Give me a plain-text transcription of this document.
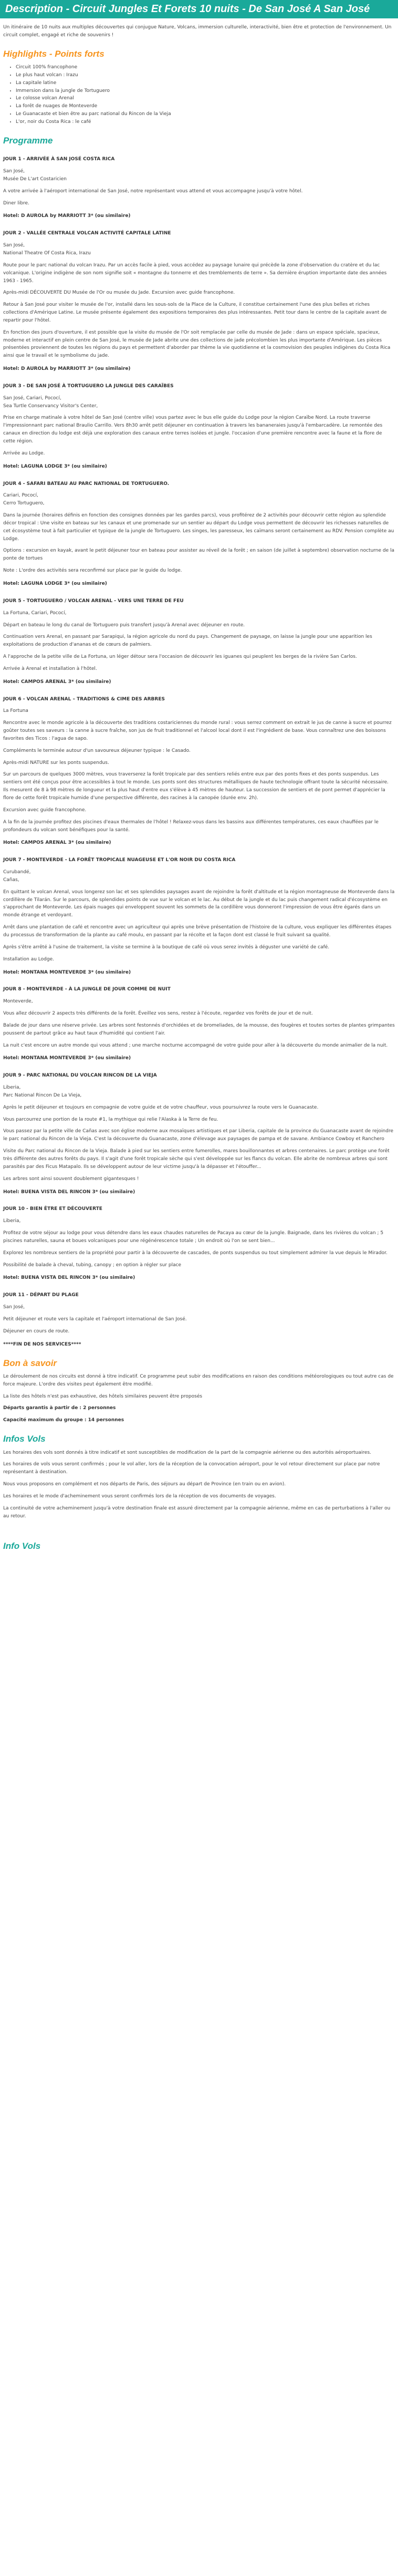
Description - Circuit Jungles Et Forets 10 nuits - De San José A San José

Un itinéraire de 10 nuits aux multiples découvertes qui conjugue Nature, Volcans, immersion culturelle, interactivité, bien être et protection de l'environnement. Un circuit complet, engagé et riche de souvenirs !

Highlights - Points forts
• Circuit 100% francophone
• Le plus haut volcan : Irazu
• La capitale latine
• Immersion dans la jungle de Tortuguero
• Le colosse volcan Arenal
• La forêt de nuages de Monteverde
• Le Guanacaste et bien être au parc national du Rincon de la Vieja
• L'or, noir du Costa Rica : le café
Programme

JOUR 1 - ARRIVÉE À SAN JOSÉ COSTA RICA

San José,
Musée De L'art Costaricien

A votre arrivée à l'aéroport international de San José, notre représentant vous attend et vous accompagne jusqu'à votre hôtel.

Diner libre.

Hotel: D AUROLA by MARRIOTT 3* (ou similaire)

JOUR 2 - VALLÉE CENTRALE VOLCAN ACTIVITÉ CAPITALE LATINE

San José,
National Theatre Of Costa Rica, Irazu

Route pour le parc national du volcan Irazu. Par un accès facile à pied, vous accédez au paysage lunaire qui précède la zone d'observation du cratère et du lac volcanique. L'origine indigène de son nom signifie soit « montagne du tonnerre et des tremblements de terre ». Sa dernière éruption importante date des années 1963 - 1965.

Après-midi DÉCOUVERTE DU Musée de l'Or ou musée du Jade. Excursion avec guide francophone.

Retour à San José pour visiter le musée de l'or, installé dans les sous-sols de la Place de la Culture, il constitue certainement l'une des plus belles et riches collections d'Amérique Latine. Le musée présente également des expositions temporaires des plus intéressantes. Petit tour dans le centre de la capitale avant de repartir pour l'hôtel.

En fonction des jours d'ouverture, il est possible que la visite du musée de l'Or soit remplacée par celle du musée de Jade : dans un espace spéciale, spacieux, moderne et interactif en plein centre de San José, le musée de Jade abrite une des collections de jade précolombien les plus importante d'Amérique. Les pièces présentées proviennent de toutes les régions du pays et permettent d'aborder par thème la vie quotidienne et la cosmovision des peuples indigènes du Costa Rica ainsi que le travail et le symbolisme du jade.

Hotel: D AUROLA by MARRIOTT 3* (ou similaire)

JOUR 3 - DE SAN JOSÉ À TORTUGUERO LA JUNGLE DES CARAÏBES

San José, Cariari, Pococí,
Sea Turtle Conservancy Visitor's Center,

Prise en charge matinale à votre hôtel de San José (centre ville) vous partez avec le bus elle guide du Lodge pour la région Caraïbe Nord. La route traverse l'impressionnant parc national Braulio Carrillo. Vers 8h30 arrêt petit déjeuner en continuation à travers les bananeraies jusqu'à l'embarcadère. Le remontée des canaux en direction du lodge est déjà une exploration des canaux entre terres isolées et jungle. l'occasion d'une première rencontre avec la faune et la flore de cette région.

Arrivée au Lodge.

Hotel: LAGUNA LODGE 3* (ou similaire)

JOUR 4 - SAFARI BATEAU AU PARC NATIONAL DE TORTUGUERO.

Cariari, Pococí,
Cerro Tortuguero,

Dans la journée (horaires définis en fonction des consignes données par les gardes parcs), vous profitérez de 2 activités pour découvrir cette région au splendide décor tropical : Une visite en bateau sur les canaux et une promenade sur un sentier au départ du Lodge vous permettent de découvrir les richesses naturelles de cet écosystème tout à fait particulier et typique de la jungle de Tortuguero. Les singes, les paresseux, les caïmans seront certainement au RDV. Pension complète au Lodge.

Options : excursion en kayak, avant le petit déjeuner tour en bateau pour assister au réveil de la forêt ; en saison (de juillet à septembre) observation nocturne de la ponte de tortues

Note : L'ordre des activités sera reconfirmé sur place par le guide du lodge.

Hotel: LAGUNA LODGE 3* (ou similaire)

JOUR 5 - TORTUGUERO / VOLCAN ARENAL - VERS UNE TERRE DE FEU

La Fortuna, Cariari, Pococí,

Départ en bateau le long du canal de Tortuguero puis transfert jusqu'à Arenal avec déjeuner en route.

Continuation vers Arenal, en passant par Sarapiqui, la région agricole du nord du pays. Changement de paysage, on laisse la jungle pour une apparition les exploitations de production d'ananas et de cœurs de palmiers.

A l'approche de la petite ville de La Fortuna, un léger détour sera l'occasion de découvrir les iguanes qui peuplent les berges de la rivière San Carlos.

Arrivée à Arenal et installation à l'hôtel.

Hotel: CAMPOS ARENAL 3* (ou similaire)

JOUR 6 - VOLCAN ARENAL – TRADITIONS & CIME DES ARBRES

La Fortuna

Rencontre avec le monde agricole à la découverte des traditions costariciennes du monde rural : vous serrez comment on extrait le jus de canne à sucre et pourrez goûter toutes ses saveurs : la canne à sucre fraîche, son jus de fruit traditionnel et l'alcool local dont il est l'ingrédient de base. Vous connaîtrez une des boissons favorites des Ticos : l'agua de sapo.

Compléments le terminée autour d'un savoureux déjeuner typique : le Casado.

Après-midi NATURE sur les ponts suspendus.

Sur un parcours de quelques 3000 mètres, vous traverserez la forêt tropicale par des sentiers reliés entre eux par des ponts fixes et des ponts suspendus. Les sentiers ont été conçus pour être accessibles à tout le monde. Les ponts sont des structures métalliques de haute technologie offrant toute la sécurité nécessaire. Ils mesurent de 8 à 98 mètres de longueur et la plus haut d'entre eux s'élève à 45 mètres de hauteur. La succession de sentiers et de pont permet d'apprécier la flore de cette forêt tropicale humide d'une perspective différente, des racines à la canopée (durée env. 2h).

Excursion avec guide francophone.

A la fin de la journée profitez des piscines d'eaux thermales de l'hôtel ! Relaxez-vous dans les bassins aux différentes températures, ces eaux chauffées par le profondeurs du volcan sont bénéfiques pour la santé.

Hotel: CAMPOS ARENAL 3* (ou similaire)

JOUR 7 - MONTEVERDE - LA FORÊT TROPICALE NUAGEUSE ET L'OR NOIR DU COSTA RICA

Curubandé,
Cañas,

En quittant le volcan Arenal, vous longerez son lac et ses splendides paysages avant de rejoindre la forêt d'altitude et la région montagneuse de Monteverde dans la cordillère de Tilarán. Sur le parcours, de splendides points de vue sur le volcan et le lac. Au début de la jungle et du lac puis changement radical d'écosystème en s'approchant de Monteverde. Les épais nuages qui enveloppent souvent les sommets de la cordillère vous donneront l'impression de vous être égarés dans un monde étrange et verdoyant.

Arrêt dans une plantation de café et rencontre avec un agriculteur qui après une brève présentation de l'histoire de la culture, vous expliquer les différentes étapes du processus de transformation de la plante au café moulu, en passant par la récolte et la façon dont est classé le fruit suivant sa qualité.

Après s'être arrêté à l'usine de traitement, la visite se termine à la boutique de café où vous serez invités à déguster une variété de café.

Installation au Lodge.

Hotel: MONTANA MONTEVERDE 3* (ou similaire)

JOUR 8 - MONTEVERDE - À LA JUNGLE DE JOUR COMME DE NUIT

Monteverde,

Vous allez découvrir 2 aspects très différents de la forêt. Éveillez vos sens, restez à l'écoute, regardez vos forêts de jour et de nuit.

Balade de jour dans une réserve privée. Les arbres sont festonnés d'orchidées et de bromeliades, de la mousse, des fougères et toutes sortes de plantes grimpantes poussent de partout grâce au haut taux d'humidité qui contient l'air.

La nuit c'est encore un autre monde qui vous attend ; une marche nocturne accompagné de votre guide pour aller à la découverte du monde animalier de la nuit.

Hotel: MONTANA MONTEVERDE 3* (ou similaire)

JOUR 9 - PARC NATIONAL DU VOLCAN RINCON DE LA VIEJA

Liberia,
Parc National Rincon De La Vieja,

Après le petit déjeuner et toujours en compagnie de votre guide et de votre chauffeur, vous poursuivrez la route vers le Guanacaste.

Vous parcourrez une portion de la route #1, la mythique qui relie l'Alaska à la Terre de feu.

Vous passez par la petite ville de Cañas avec son église moderne aux mosaïques artistiques et par Liberia, capitale de la province du Guanacaste avant de rejoindre le parc national du Rincon de la Vieja. C'est la découverte du Guanacaste, zone d'élevage aux paysages de pampa et de savane. Ambiance Cowboy et Ranchero

Visite du Parc national du Rincon de la Vieja. Balade à pied sur les sentiers entre fumerolles, mares bouillonnantes et arbres centenaires. Le parc protège une forêt très différente des autres forêts du pays. Il s'agit d'une forêt tropicale sèche qui s'est développée sur les flancs du volcan. Elle abrite de nombreux arbres qui sont parasités par des Ficus Matapalo. Ils se développent autour de leur victime jusqu'à la dépasser et l'étouffer...

Les arbres sont ainsi souvent doublement gigantesques !

Hotel: BUENA VISTA DEL RINCON 3* (ou similaire)

JOUR 10 - BIEN ÊTRE ET DÉCOUVERTE

Liberia,

Profitez de votre séjour au lodge pour vous détendre dans les eaux chaudes naturelles de Pacaya au cœur de la jungle. Baignade, dans les rivières du volcan ; 5 piscines naturelles, sauna et boues volcaniques pour une régénérescence totale ; Un endroit où l'on se sent bien...

Explorez les nombreux sentiers de la propriété pour partir à la découverte de cascades, de ponts suspendus ou tout simplement admirer la vue depuis le Mirador.

Possibilité de balade à cheval, tubing, canopy ; en option à régler sur place

Hotel: BUENA VISTA DEL RINCON 3* (ou similaire)

JOUR 11 - DÉPART DU PLAGE

San José,

Petit déjeuner et route vers la capitale et l'aéroport international de San José.

Déjeuner en cours de route.

****FIN DE NOS SERVICES****

Bon à savoir

Le déroulement de nos circuits est donné à titre indicatif. Ce programme peut subir des modifications en raison des conditions météorologiques ou tout autre cas de force majeure. L'ordre des visites peut également être modifié.

La liste des hôtels n'est pas exhaustive, des hôtels similaires peuvent être proposés

Départs garantis à partir de : 2 personnes

Capacité maximum du groupe : 14 personnes

Infos Vols

Les horaires des vols sont donnés à titre indicatif et sont susceptibles de modification de la part de la compagnie aérienne ou des autorités aéroportuaires.

Les horaires de vols vous seront confirmés ; pour le vol aller, lors de la réception de la convocation aéroport, pour le vol retour directement sur place par notre représentant à destination.

Nous vous proposons en complément et nos départs de Paris, des séjours au départ de Province (en train ou en avion).

Les horaires et le mode d'acheminement vous seront confirmés lors de la réception de vos documents de voyages.

La continuité de votre acheminement jusqu'à votre destination finale est assuré directement par la compagnie aérienne, même en cas de perturbations à l'aller ou au retour.

Info Vols
